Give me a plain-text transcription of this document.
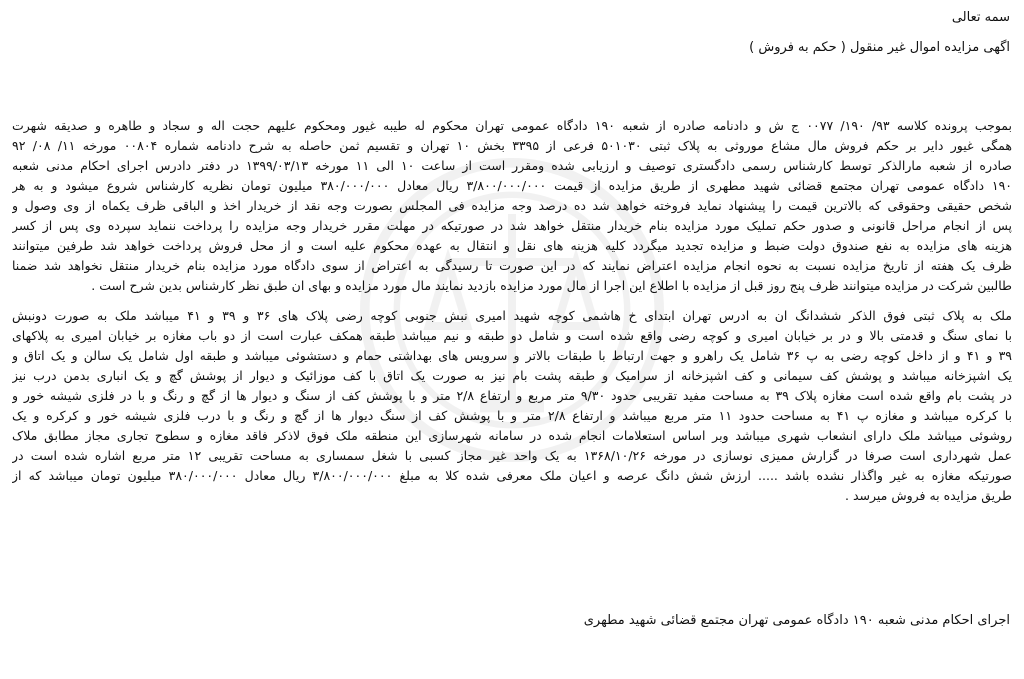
سمه تعالی
اگهی مزایده اموال غیر منقول ( حکم به فروش )
بموجب پرونده کلاسه ۹۳/ ۱۹۰/ ۰۰۷۷ ج ش و دادنامه صادره از شعبه ۱۹۰ دادگاه عمومی تهران محکوم له طیبه غیور ومحکوم علیهم حجت اله و سجاد و طاهره و صدیقه شهرت
همگی غیور دایر بر حکم فروش مال مشاع موروثی به پلاک ثبتی ۵۰۱۰۳۰ فرعی از ۳۳۹۵ بخش ۱۰ تهران و تقسیم ثمن حاصله به شرح دادنامه شماره ۰۰۸۰۴ مورخه ۱۱/ ۰۸/ ۹۲
صادره از شعبه مارالذکر توسط کارشناس رسمی دادگستری توصیف و ارزیابی شده ومقرر است از ساعت ۱۰ الی ۱۱ مورخه ۱۳۹۹/۰۳/۱۳ در دفتر دادرس اجرای احکام مدنی شعبه
۱۹۰ دادگاه عمومی تهران مجتمع قضائی شهید مطهری از طریق مزایده از قیمت ۳/۸۰۰/۰۰۰/۰۰۰ ریال معادل ۳۸۰/۰۰۰/۰۰۰ میلیون تومان نظریه کارشناس شروع میشود و به هر
شخص حقیقی وحقوقی که بالاترین قیمت را پیشنهاد نماید فروخته خواهد شد ده درصد وجه مزایده فی المجلس بصورت وجه نقد از خریدار اخذ و الباقی ظرف یکماه از وی وصول و
پس از انجام مراحل قانونی و صدور حکم تملیک مورد مزایده بنام خریدار منتقل خواهد شد در صورتیکه در مهلت مقرر خریدار وجه مزایده را پرداخت ننماید سپرده وی پس از کسر
هزینه های مزایده به نفع صندوق دولت ضبط و مزایده تجدید میگردد کلیه هزینه های نقل و انتقال به عهده محکوم علیه است و از محل فروش پرداخت خواهد شد طرفین میتوانند
ظرف یک هفته از تاریخ مزایده نسبت به نحوه انجام مزایده اعتراض نمایند که در این صورت تا رسیدگی به اعتراض از سوی دادگاه مورد مزایده بنام خریدار منتقل نخواهد شد ضمنا
طالبین شرکت در مزایده میتوانند ظرف پنج روز قبل از مزایده با اطلاع این اجرا از مال مورد مزایده بازدید نمایند مال مورد مزایده و بهای ان طبق نظر کارشناس بدین شرح است .
ملک به پلاک ثبتی فوق الذکر ششدانگ ان به ادرس تهران ابتدای خ هاشمی کوچه شهید امیری نبش جنوبی کوچه رضی پلاک های ۳۶ و ۳۹ و ۴۱ میباشد ملک به صورت دونبش
با نمای سنگ و قدمتی بالا و در بر خیابان امیری و کوچه رضی واقع شده است و شامل دو طبقه و نیم میباشد طبقه همکف عبارت است از دو باب مغازه بر خیابان امیری به پلاکهای
۳۹ و ۴۱ و از داخل کوچه رضی به پ ۳۶ شامل یک راهرو و جهت ارتباط با طبقات بالاتر و سرویس های بهداشتی حمام و دستشوئی میباشد و طبقه اول شامل یک سالن و یک اتاق و
یک اشپزخانه میباشد و پوشش کف سیمانی و کف اشپزخانه از سرامیک و طبقه پشت بام نیز به صورت یک اتاق با کف موزائیک و دیوار از پوشش گچ و یک انباری بدمن درب نیز
در پشت بام واقع شده است مغازه پلاک ۳۹ به مساحت مفید تقریبی حدود ۹/۳۰ متر مربع و ارتفاع ۲/۸ متر و با پوشش کف از سنگ و دیوار ها از گچ و رنگ و با در فلزی شیشه خور و
با کرکره میباشد و مغازه پ ۴۱ به مساحت حدود ۱۱ متر مربع میباشد و ارتفاع ۲/۸ متر و با پوشش کف از سنگ دیوار ها از گچ و رنگ و با درب فلزی شیشه خور و کرکره و یک
روشوئی میباشد ملک دارای انشعاب شهری میباشد وبر اساس استعلامات انجام شده در سامانه شهرسازی این منطقه ملک فوق لاذکر فاقد مغازه و سطوح تجاری مجاز مطابق ملاک
عمل شهرداری است صرفا در گزارش ممیزی نوسازی در مورخه ۱۳۶۸/۱۰/۲۶ به یک واحد غیر مجاز کسبی با شغل سمساری به مساحت تقریبی ۱۲ متر مربع اشاره شده است در
صورتیکه مغازه به غیر واگذار نشده باشد ..... ارزش شش دانگ عرصه و اعیان ملک معرفی شده کلا به مبلغ ۳/۸۰۰/۰۰۰/۰۰۰ ریال معادل ۳۸۰/۰۰۰/۰۰۰ میلیون تومان میباشد که از
طریق مزایده به فروش میرسد .
اجرای احکام مدنی شعبه ۱۹۰ دادگاه عمومی تهران مجتمع قضائی شهید مطهری
